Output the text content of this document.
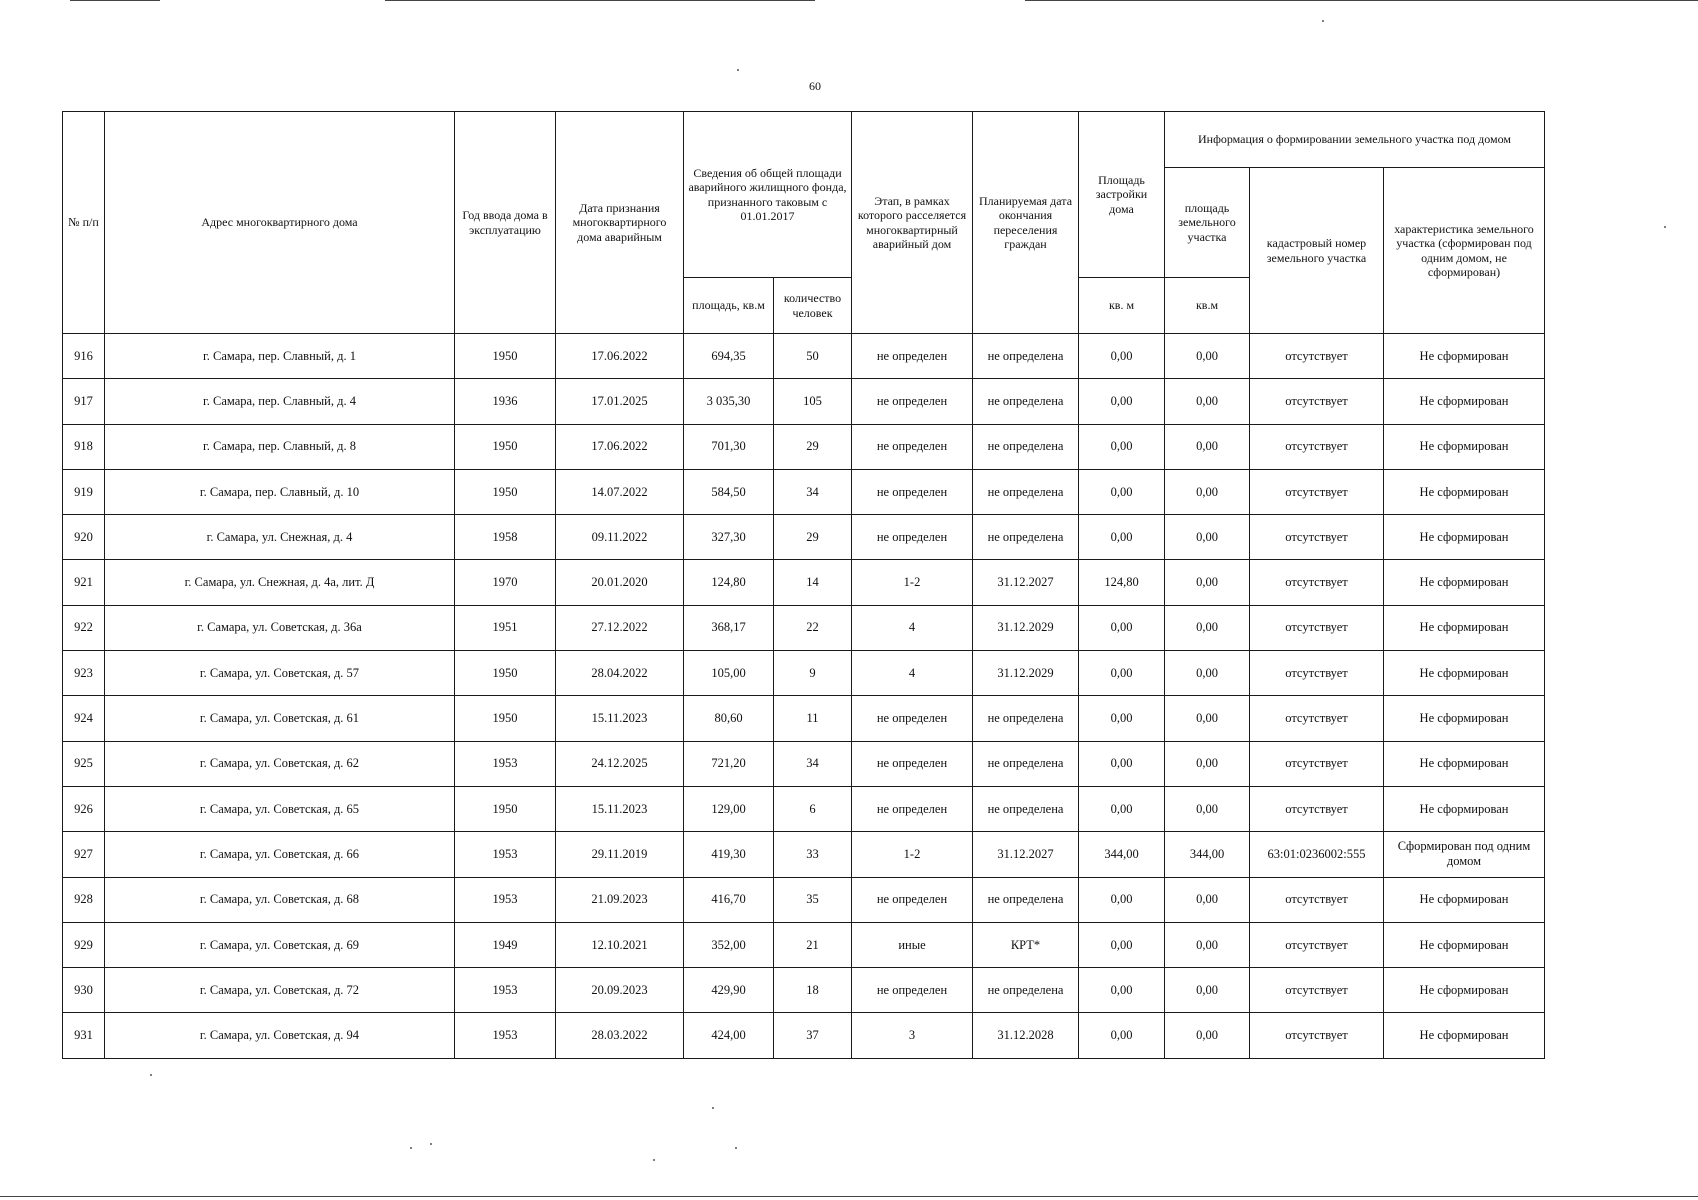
60
№ п/п	Адрес многоквартирного дома	Год ввода дома в эксплуатацию	Дата признания многоквартирного дома аварийным	Сведения об общей площади аварийного жилищного фонда, признанного таковым с 01.01.2017		Этап, в рамках которого расселяется многоквартирный аварийный дом	Планируемая дата окончания переселения граждан	Площадь застройки дома	Информация о формировании земельного участка под домом		
									площадь земельного участка	кадастровый номер земельного участка	характеристика земельного участка (сформирован под одним домом, не сформирован)
				площадь, кв.м	количество человек			кв. м	кв.м		
916	г. Самара, пер. Славный, д. 1	1950	17.06.2022	694,35	50	не определен	не определена	0,00	0,00	отсутствует	Не сформирован
917	г. Самара, пер. Славный, д. 4	1936	17.01.2025	3 035,30	105	не определен	не определена	0,00	0,00	отсутствует	Не сформирован
918	г. Самара, пер. Славный, д. 8	1950	17.06.2022	701,30	29	не определен	не определена	0,00	0,00	отсутствует	Не сформирован
919	г. Самара, пер. Славный, д. 10	1950	14.07.2022	584,50	34	не определен	не определена	0,00	0,00	отсутствует	Не сформирован
920	г. Самара, ул. Снежная, д. 4	1958	09.11.2022	327,30	29	не определен	не определена	0,00	0,00	отсутствует	Не сформирован
921	г. Самара, ул. Снежная, д. 4а, лит. Д	1970	20.01.2020	124,80	14	1-2	31.12.2027	124,80	0,00	отсутствует	Не сформирован
922	г. Самара, ул. Советская, д. 36а	1951	27.12.2022	368,17	22	4	31.12.2029	0,00	0,00	отсутствует	Не сформирован
923	г. Самара, ул. Советская, д. 57	1950	28.04.2022	105,00	9	4	31.12.2029	0,00	0,00	отсутствует	Не сформирован
924	г. Самара, ул. Советская, д. 61	1950	15.11.2023	80,60	11	не определен	не определена	0,00	0,00	отсутствует	Не сформирован
925	г. Самара, ул. Советская, д. 62	1953	24.12.2025	721,20	34	не определен	не определена	0,00	0,00	отсутствует	Не сформирован
926	г. Самара, ул. Советская, д. 65	1950	15.11.2023	129,00	6	не определен	не определена	0,00	0,00	отсутствует	Не сформирован
927	г. Самара, ул. Советская, д. 66	1953	29.11.2019	419,30	33	1-2	31.12.2027	344,00	344,00	63:01:0236002:555	Сформирован под одним домом
928	г. Самара, ул. Советская, д. 68	1953	21.09.2023	416,70	35	не определен	не определена	0,00	0,00	отсутствует	Не сформирован
929	г. Самара, ул. Советская, д. 69	1949	12.10.2021	352,00	21	иные	КРТ*	0,00	0,00	отсутствует	Не сформирован
930	г. Самара, ул. Советская, д. 72	1953	20.09.2023	429,90	18	не определен	не определена	0,00	0,00	отсутствует	Не сформирован
931	г. Самара, ул. Советская, д. 94	1953	28.03.2022	424,00	37	3	31.12.2028	0,00	0,00	отсутствует	Не сформирован
